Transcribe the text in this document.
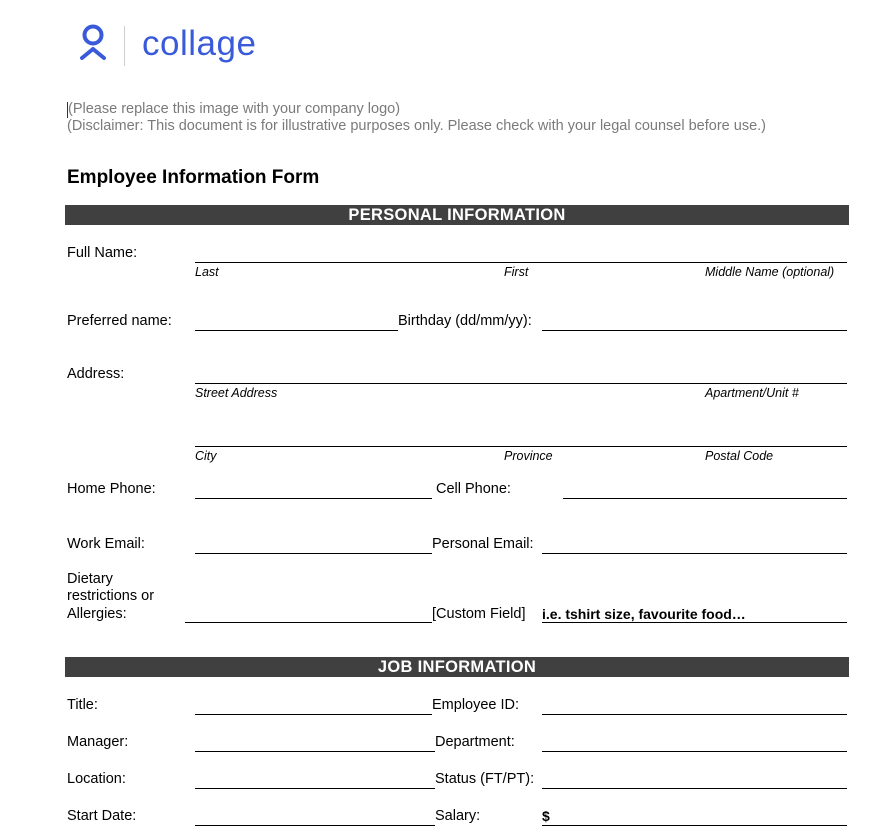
collage
(Please replace this image with your company logo)
(Disclaimer: This document is for illustrative purposes only. Please check with your legal counsel before use.)
Employee Information Form
PERSONAL INFORMATION
Full Name:
Last	First	Middle Name (optional)
Preferred name:	Birthday (dd/mm/yy):
Address:
Street Address	Apartment/Unit #
City	Province	Postal Code
Home Phone:	Cell Phone:
Work Email:	Personal Email:
Dietary
restrictions or
Allergies:	[Custom Field] i.e. tshirt size, favourite food…
JOB INFORMATION
Title:	Employee ID:
Manager:	Department:
Location:	Status (FT/PT):
Start Date:	Salary:	$
